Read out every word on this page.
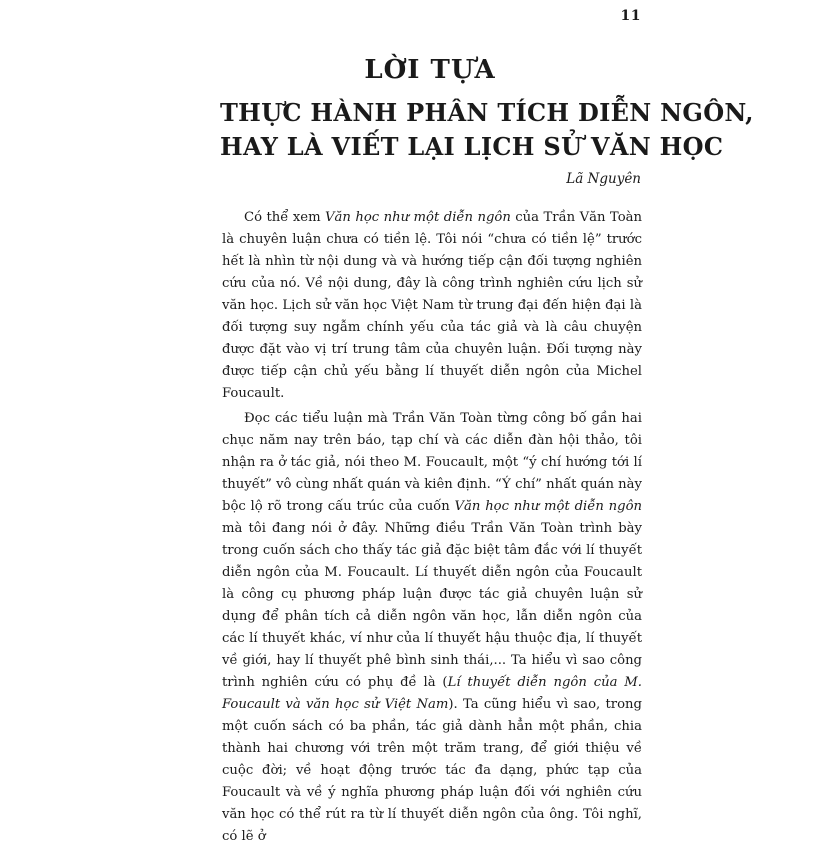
11
LỜI TỰA
THỰC HÀNH PHÂN TÍCH DIỄN NGÔN,
HAY LÀ VIẾT LẠI LỊCH SỬ VĂN HỌC
Lã Nguyên

Có thể xem Văn học như một diễn ngôn của Trần Văn Toàn là chuyên luận chưa có tiền lệ. Tôi nói “chưa có tiền lệ” trước hết là nhìn từ nội dung và và hướng tiếp cận đối tượng nghiên cứu của nó. Về nội dung, đây là công trình nghiên cứu lịch sử văn học. Lịch sử văn học Việt Nam từ trung đại đến hiện đại là đối tượng suy ngẫm chính yếu của tác giả và là câu chuyện được đặt vào vị trí trung tâm của chuyên luận. Đối tượng này được tiếp cận chủ yếu bằng lí thuyết diễn ngôn của Michel Foucault.

Đọc các tiểu luận mà Trần Văn Toàn từng công bố gần hai chục năm nay trên báo, tạp chí và các diễn đàn hội thảo, tôi nhận ra ở tác giả, nói theo M. Foucault, một “ý chí hướng tới lí thuyết” vô cùng nhất quán và kiên định. “Ý chí” nhất quán này bộc lộ rõ trong cấu trúc của cuốn Văn học như một diễn ngôn mà tôi đang nói ở đây. Những điều Trần Văn Toàn trình bày trong cuốn sách cho thấy tác giả đặc biệt tâm đắc với lí thuyết diễn ngôn của M. Foucault. Lí thuyết diễn ngôn của Foucault là công cụ phương pháp luận được tác giả chuyên luận sử dụng để phân tích cả diễn ngôn văn học, lẫn diễn ngôn của các lí thuyết khác, ví như của lí thuyết hậu thuộc địa, lí thuyết về giới, hay lí thuyết phê bình sinh thái,... Ta hiểu vì sao công trình nghiên cứu có phụ đề là (Lí thuyết diễn ngôn của M. Foucault và văn học sử Việt Nam). Ta cũng hiểu vì sao, trong một cuốn sách có ba phần, tác giả dành hẳn một phần, chia thành hai chương với trên một trăm trang, để giới thiệu về cuộc đời; về hoạt động trước tác đa dạng, phức tạp của Foucault và về ý nghĩa phương pháp luận đối với nghiên cứu văn học có thể rút ra từ lí thuyết diễn ngôn của ông. Tôi nghĩ, có lẽ ở
